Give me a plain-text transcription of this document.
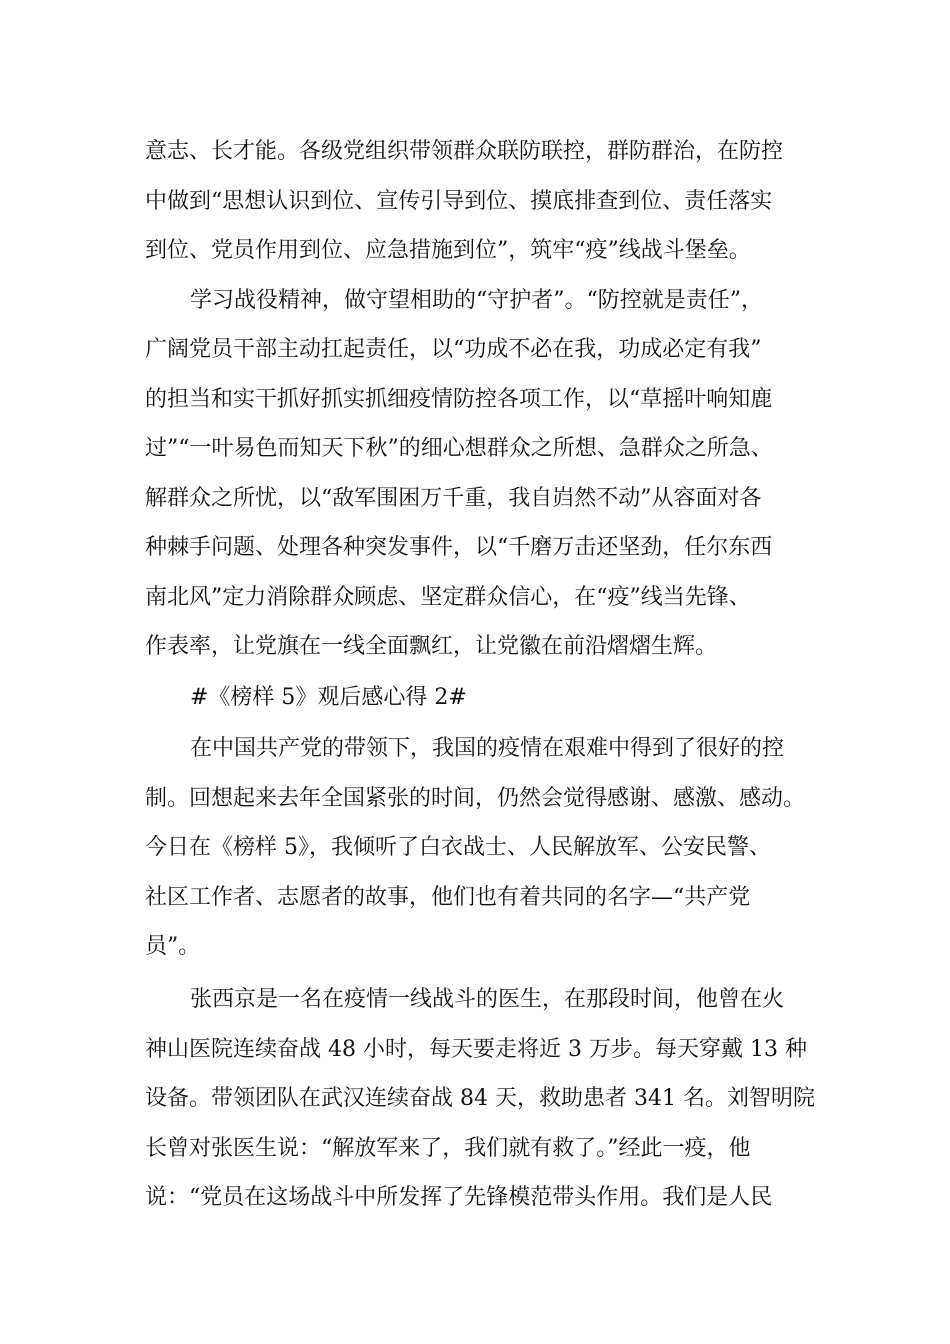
意志、长才能。各级党组织带领群众联防联控，群防群治，在防控
中做到“思想认识到位、宣传引导到位、摸底排查到位、责任落实
到位、党员作用到位、应急措施到位”，筑牢“疫”线战斗堡垒。
学习战役精神，做守望相助的“守护者”。“防控就是责任”，
广阔党员干部主动扛起责任，以“功成不必在我，功成必定有我”
的担当和实干抓好抓实抓细疫情防控各项工作，以“草摇叶响知鹿
过”“一叶易色而知天下秋”的细心想群众之所想、急群众之所急、
解群众之所忧，以“敌军围困万千重，我自岿然不动”从容面对各
种棘手问题、处理各种突发事件，以“千磨万击还坚劲，任尔东西
南北风”定力消除群众顾虑、坚定群众信心，在“疫”线当先锋、
作表率，让党旗在一线全面飘红，让党徽在前沿熠熠生辉。
#《榜样 5》观后感心得 2#
在中国共产党的带领下，我国的疫情在艰难中得到了很好的控
制。回想起来去年全国紧张的时间，仍然会觉得感谢、感激、感动。
今日在《榜样 5》，我倾听了白衣战士、人民解放军、公安民警、
社区工作者、志愿者的故事，他们也有着共同的名字—“共产党
员”。
张西京是一名在疫情一线战斗的医生，在那段时间，他曾在火
神山医院连续奋战 48 小时，每天要走将近 3 万步。每天穿戴 13 种
设备。带领团队在武汉连续奋战 84 天，救助患者 341 名。刘智明院
长曾对张医生说：“解放军来了，我们就有救了。”经此一疫，他
说：“党员在这场战斗中所发挥了先锋模范带头作用。我们是人民
